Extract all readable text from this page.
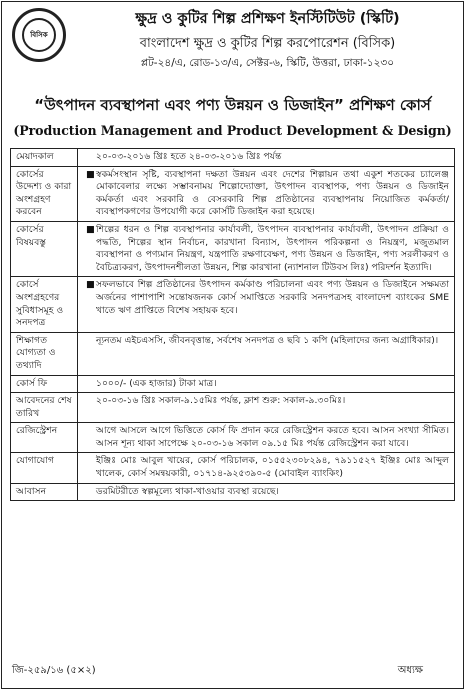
বিসিক
ক্ষুদ্র ও কুটির শিল্প প্রশিক্ষণ ইনস্টিটিউট (স্কিটি)
বাংলাদেশ ক্ষুদ্র ও কুটির শিল্প করপোরেশন (বিসিক)
প্লট-২৪/এ, রোড-১৩/এ, সেক্টর-৬, স্কিটি, উত্তরা, ঢাকা-১২৩০
“উৎপাদন ব্যবস্থাপনা এবং পণ্য উন্নয়ন ও ডিজাইন” প্রশিক্ষণ কোর্স
(Production Management and Product Development & Design)
মেয়াদকাল	২০-০৩-২০১৬ খ্রিঃ হতে ২৪-০৩-২০১৬ খ্রিঃ পর্যন্ত

কোর্সের উদ্দেশ্য ও কারা অংশগ্রহণ করবেন	■ স্বকর্মসংস্থান সৃষ্টি, ব্যবস্থাপনা দক্ষতা উন্নয়ন এবং দেশের শিল্পায়ন তথা একুশ শতকের চ্যালেঞ্জ মোকাবেলার লক্ষ্যে সম্ভাবনাময় শিল্পোদ্যোক্তা, উৎপাদন ব্যবস্থাপক, পণ্য উন্নয়ন ও ডিজাইন কর্মকর্তা এবং সরকারি ও বেসরকারি শিল্প প্রতিষ্ঠানের ব্যবস্থাপনায় নিয়োজিত কর্মকর্তা/ব্যবস্থাপকগণের উপযোগী করে কোর্সটি ডিজাইন করা হয়েছে।

কোর্সের বিষয়বস্তু	■ শিল্পের ধরন ও শিল্প ব্যবস্থাপনার কার্যাবলী, উৎপাদন ব্যবস্থাপনার কার্যাবলী, উৎপাদন প্রক্রিয়া ও পদ্ধতি, শিল্পের স্থান নির্বাচন, কারখানা বিন্যাস, উৎপাদন পরিকল্পনা ও নিয়ন্ত্রণ, মজুতমাল ব্যবস্থাপনা ও পণ্যমান নিয়ন্ত্রণ, যন্ত্রপাতি রক্ষণাবেক্ষণ, পণ্য উন্নয়ন ও ডিজাইন, পণ্য সরলীকরণ ও বৈচিত্র্যকরণ, উৎপাদনশীলতা উন্নয়ন, শিল্প কারখানা (ন্যাশনাল টিউবস লিঃ) পরিদর্শন ইত্যাদি।

কোর্সে অংশগ্রহণের সুবিধাসমূহ ও সনদপত্র	■ সফলভাবে শিল্প প্রতিষ্ঠানের উৎপাদন কর্মকাণ্ড পরিচালনা এবং পণ্য উন্নয়ন ও ডিজাইনে সক্ষমতা অর্জনের পাশাপাশি সন্তোষজনক কোর্স সমাপ্তিতে সরকারি সনদপত্রসহ বাংলাদেশ ব্যাংকের SME খাতে ঋণ প্রাপ্তিতে বিশেষ সহায়ক হবে।

শিক্ষাগত যোগ্যতা ও তথ্যাদি	ন্যূনতম এইচএসসি, জীবনবৃত্তান্ত, সর্বশেষ সনদপত্র ও ছবি ১ কপি (মহিলাদের জন্য অগ্রাধিকার)।

কোর্স ফি	১০০০/- (এক হাজার) টাকা মাত্র।

আবেদনের শেষ তারিখ	২০-০৩-১৬ খ্রিঃ সকাল-৯.১৫মিঃ পর্যন্ত, ক্লাশ শুরু: সকাল-৯.৩০মিঃ।

রেজিস্ট্রেশন	আগে আসলে আগে ভিত্তিতে কোর্স ফি প্রদান করে রেজিস্ট্রেশন করতে হবে। আসন সংখ্যা সীমিত। আসন শূন্য থাকা সাপেক্ষে ২০-০৩-১৬ সকাল ০৯.১৫ মিঃ পর্যন্ত রেজিস্ট্রেশন করা যাবে।

যোগাযোগ	ইঞ্জিঃ মোঃ আবুল খায়ের, কোর্স পরিচালক, ০১৫৫২৩০৮২৯৪, ৭৯১১৫২৭ ইঞ্জিঃ মোঃ আব্দুল খালেক, কোর্স সমন্বয়কারী, ০১৭১৪-৯২৫৩৯০-৫ (মোবাইল ব্যাংকিং)

আবাসন	ডরমিটরীতে স্বল্পমূল্যে থাকা-খাওয়ার ব্যবস্থা রয়েছে।
জি-২৫৯/১৬ (৫×২)	অধ্যক্ষ
